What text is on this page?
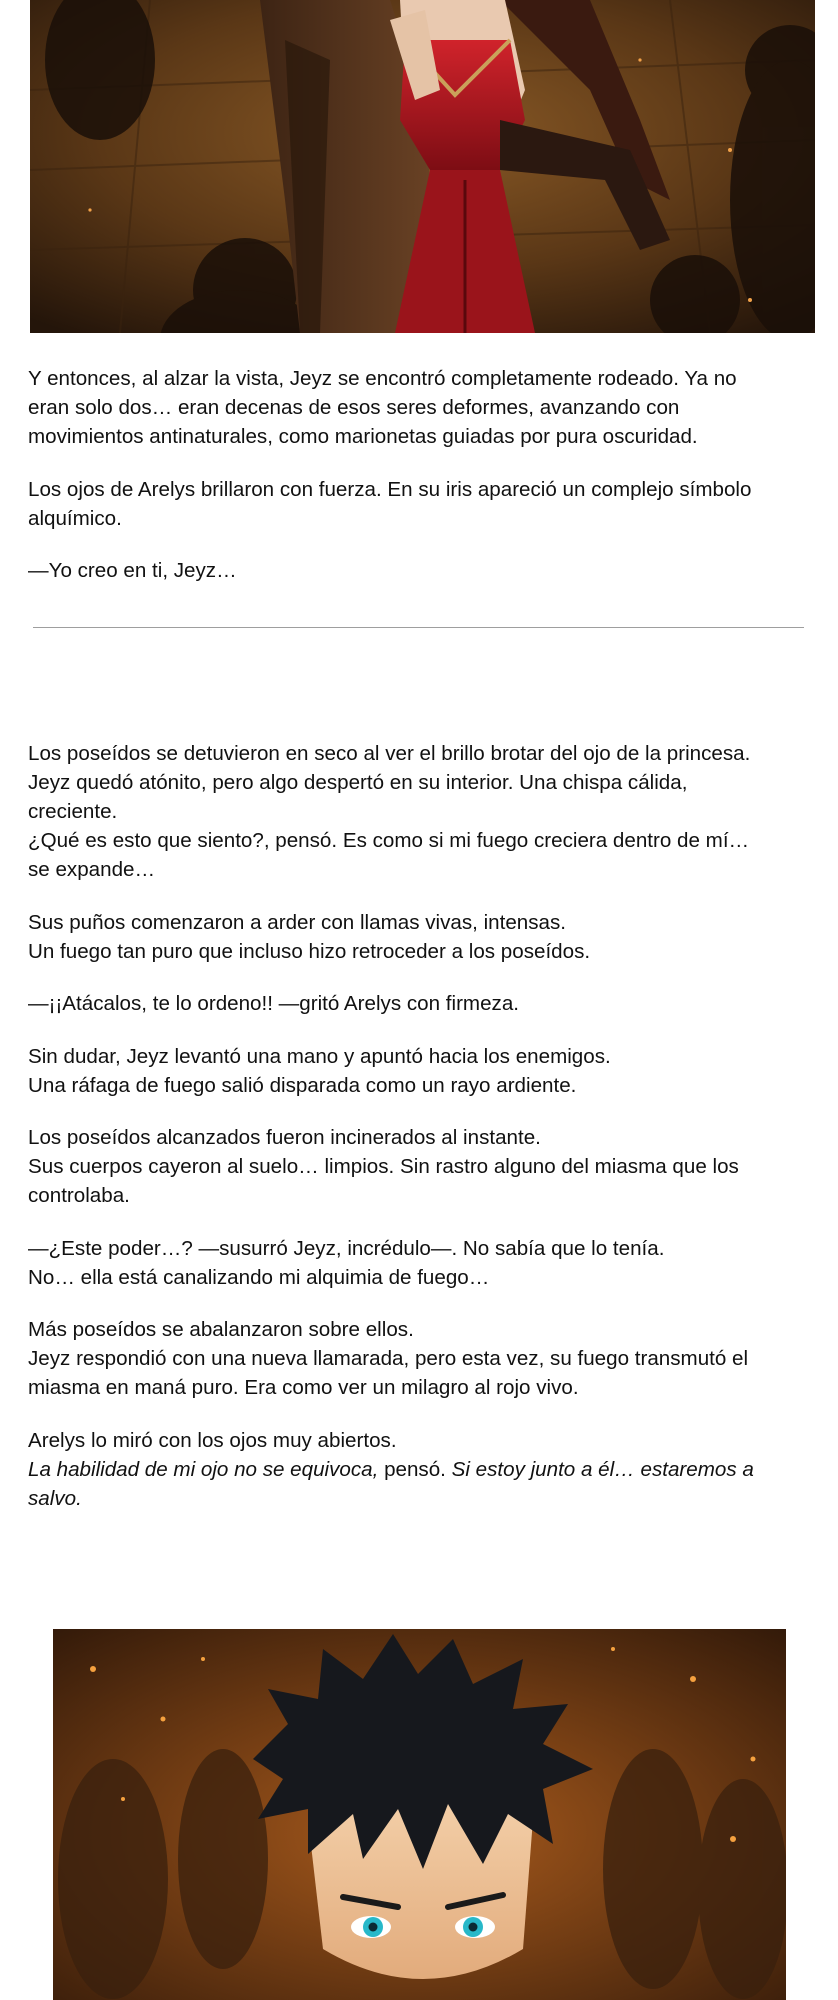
Y entonces, al alzar la vista, Jeyz se encontró completamente rodeado. Ya no
eran solo dos… eran decenas de esos seres deformes, avanzando con
movimientos antinaturales, como marionetas guiadas por pura oscuridad.

Los ojos de Arelys brillaron con fuerza. En su iris apareció un complejo símbolo
alquímico.

—Yo creo en ti, Jeyz…

Los poseídos se detuvieron en seco al ver el brillo brotar del ojo de la princesa.
Jeyz quedó atónito, pero algo despertó en su interior. Una chispa cálida,
creciente.
¿Qué es esto que siento?, pensó. Es como si mi fuego creciera dentro de mí…
se expande…

Sus puños comenzaron a arder con llamas vivas, intensas.
Un fuego tan puro que incluso hizo retroceder a los poseídos.

—¡¡Atácalos, te lo ordeno!! —gritó Arelys con firmeza.

Sin dudar, Jeyz levantó una mano y apuntó hacia los enemigos.
Una ráfaga de fuego salió disparada como un rayo ardiente.

Los poseídos alcanzados fueron incinerados al instante.
Sus cuerpos cayeron al suelo… limpios. Sin rastro alguno del miasma que los
controlaba.

—¿Este poder…? —susurró Jeyz, incrédulo—. No sabía que lo tenía.
No… ella está canalizando mi alquimia de fuego…

Más poseídos se abalanzaron sobre ellos.
Jeyz respondió con una nueva llamarada, pero esta vez, su fuego transmutó el
miasma en maná puro. Era como ver un milagro al rojo vivo.

Arelys lo miró con los ojos muy abiertos.
La habilidad de mi ojo no se equivoca, pensó. Si estoy junto a él… estaremos a
salvo.
